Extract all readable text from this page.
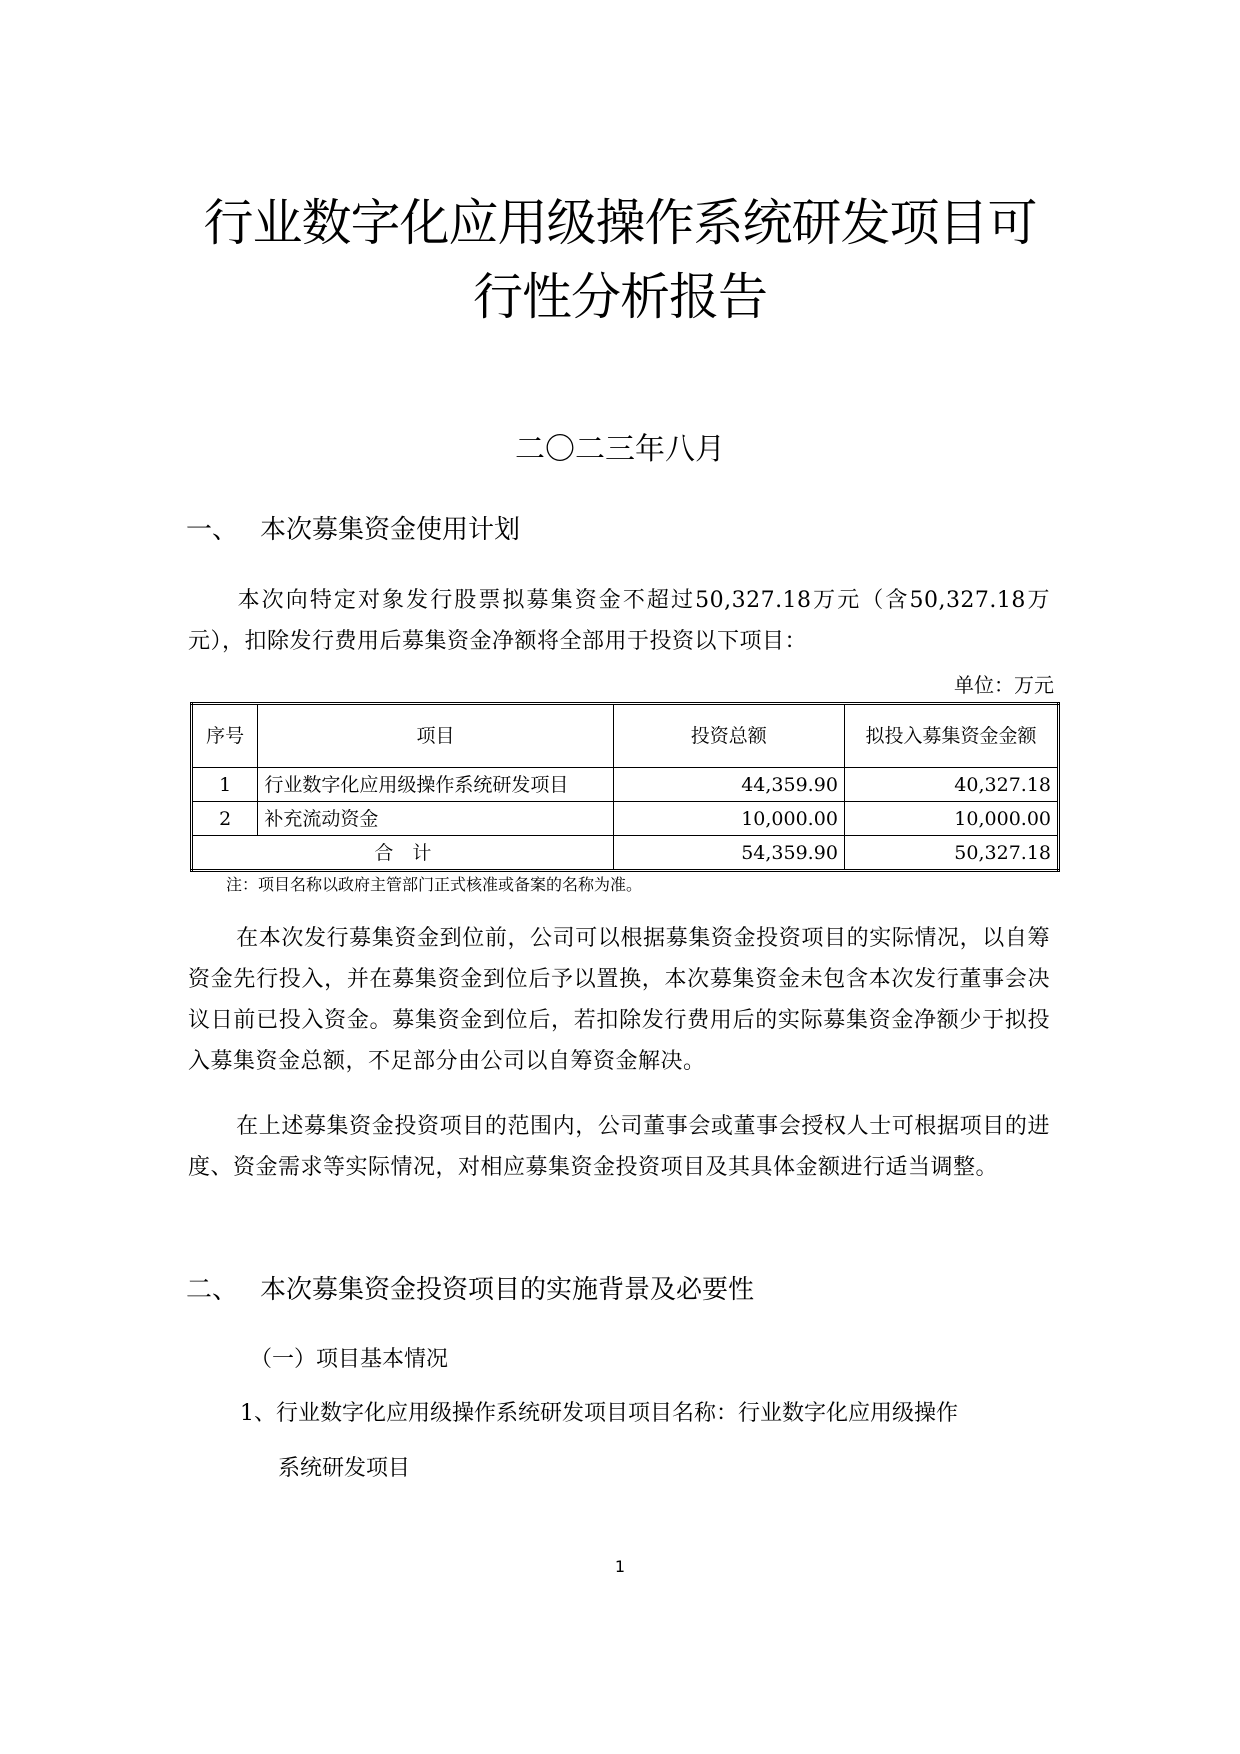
行业数字化应用级操作系统研发项目可
行性分析报告
二〇二三年八月
一、 本次募集资金使用计划
本次向特定对象发行股票拟募集资金不超过50,327.18万元（含50,327.18万元），扣除发行费用后募集资金净额将全部用于投资以下项目：
单位：万元
序号	项目	投资总额	拟投入募集资金金额
1	行业数字化应用级操作系统研发项目	44,359.90	40,327.18
2	补充流动资金	10,000.00	10,000.00
合　计		54,359.90	50,327.18
注：项目名称以政府主管部门正式核准或备案的名称为准。
在本次发行募集资金到位前，公司可以根据募集资金投资项目的实际情况，以自筹资金先行投入，并在募集资金到位后予以置换，本次募集资金未包含本次发行董事会决议日前已投入资金。募集资金到位后，若扣除发行费用后的实际募集资金净额少于拟投入募集资金总额，不足部分由公司以自筹资金解决。
在上述募集资金投资项目的范围内，公司董事会或董事会授权人士可根据项目的进度、资金需求等实际情况，对相应募集资金投资项目及其具体金额进行适当调整。
二、 本次募集资金投资项目的实施背景及必要性
（一）项目基本情况
1、行业数字化应用级操作系统研发项目项目名称：行业数字化应用级操作
系统研发项目
1
